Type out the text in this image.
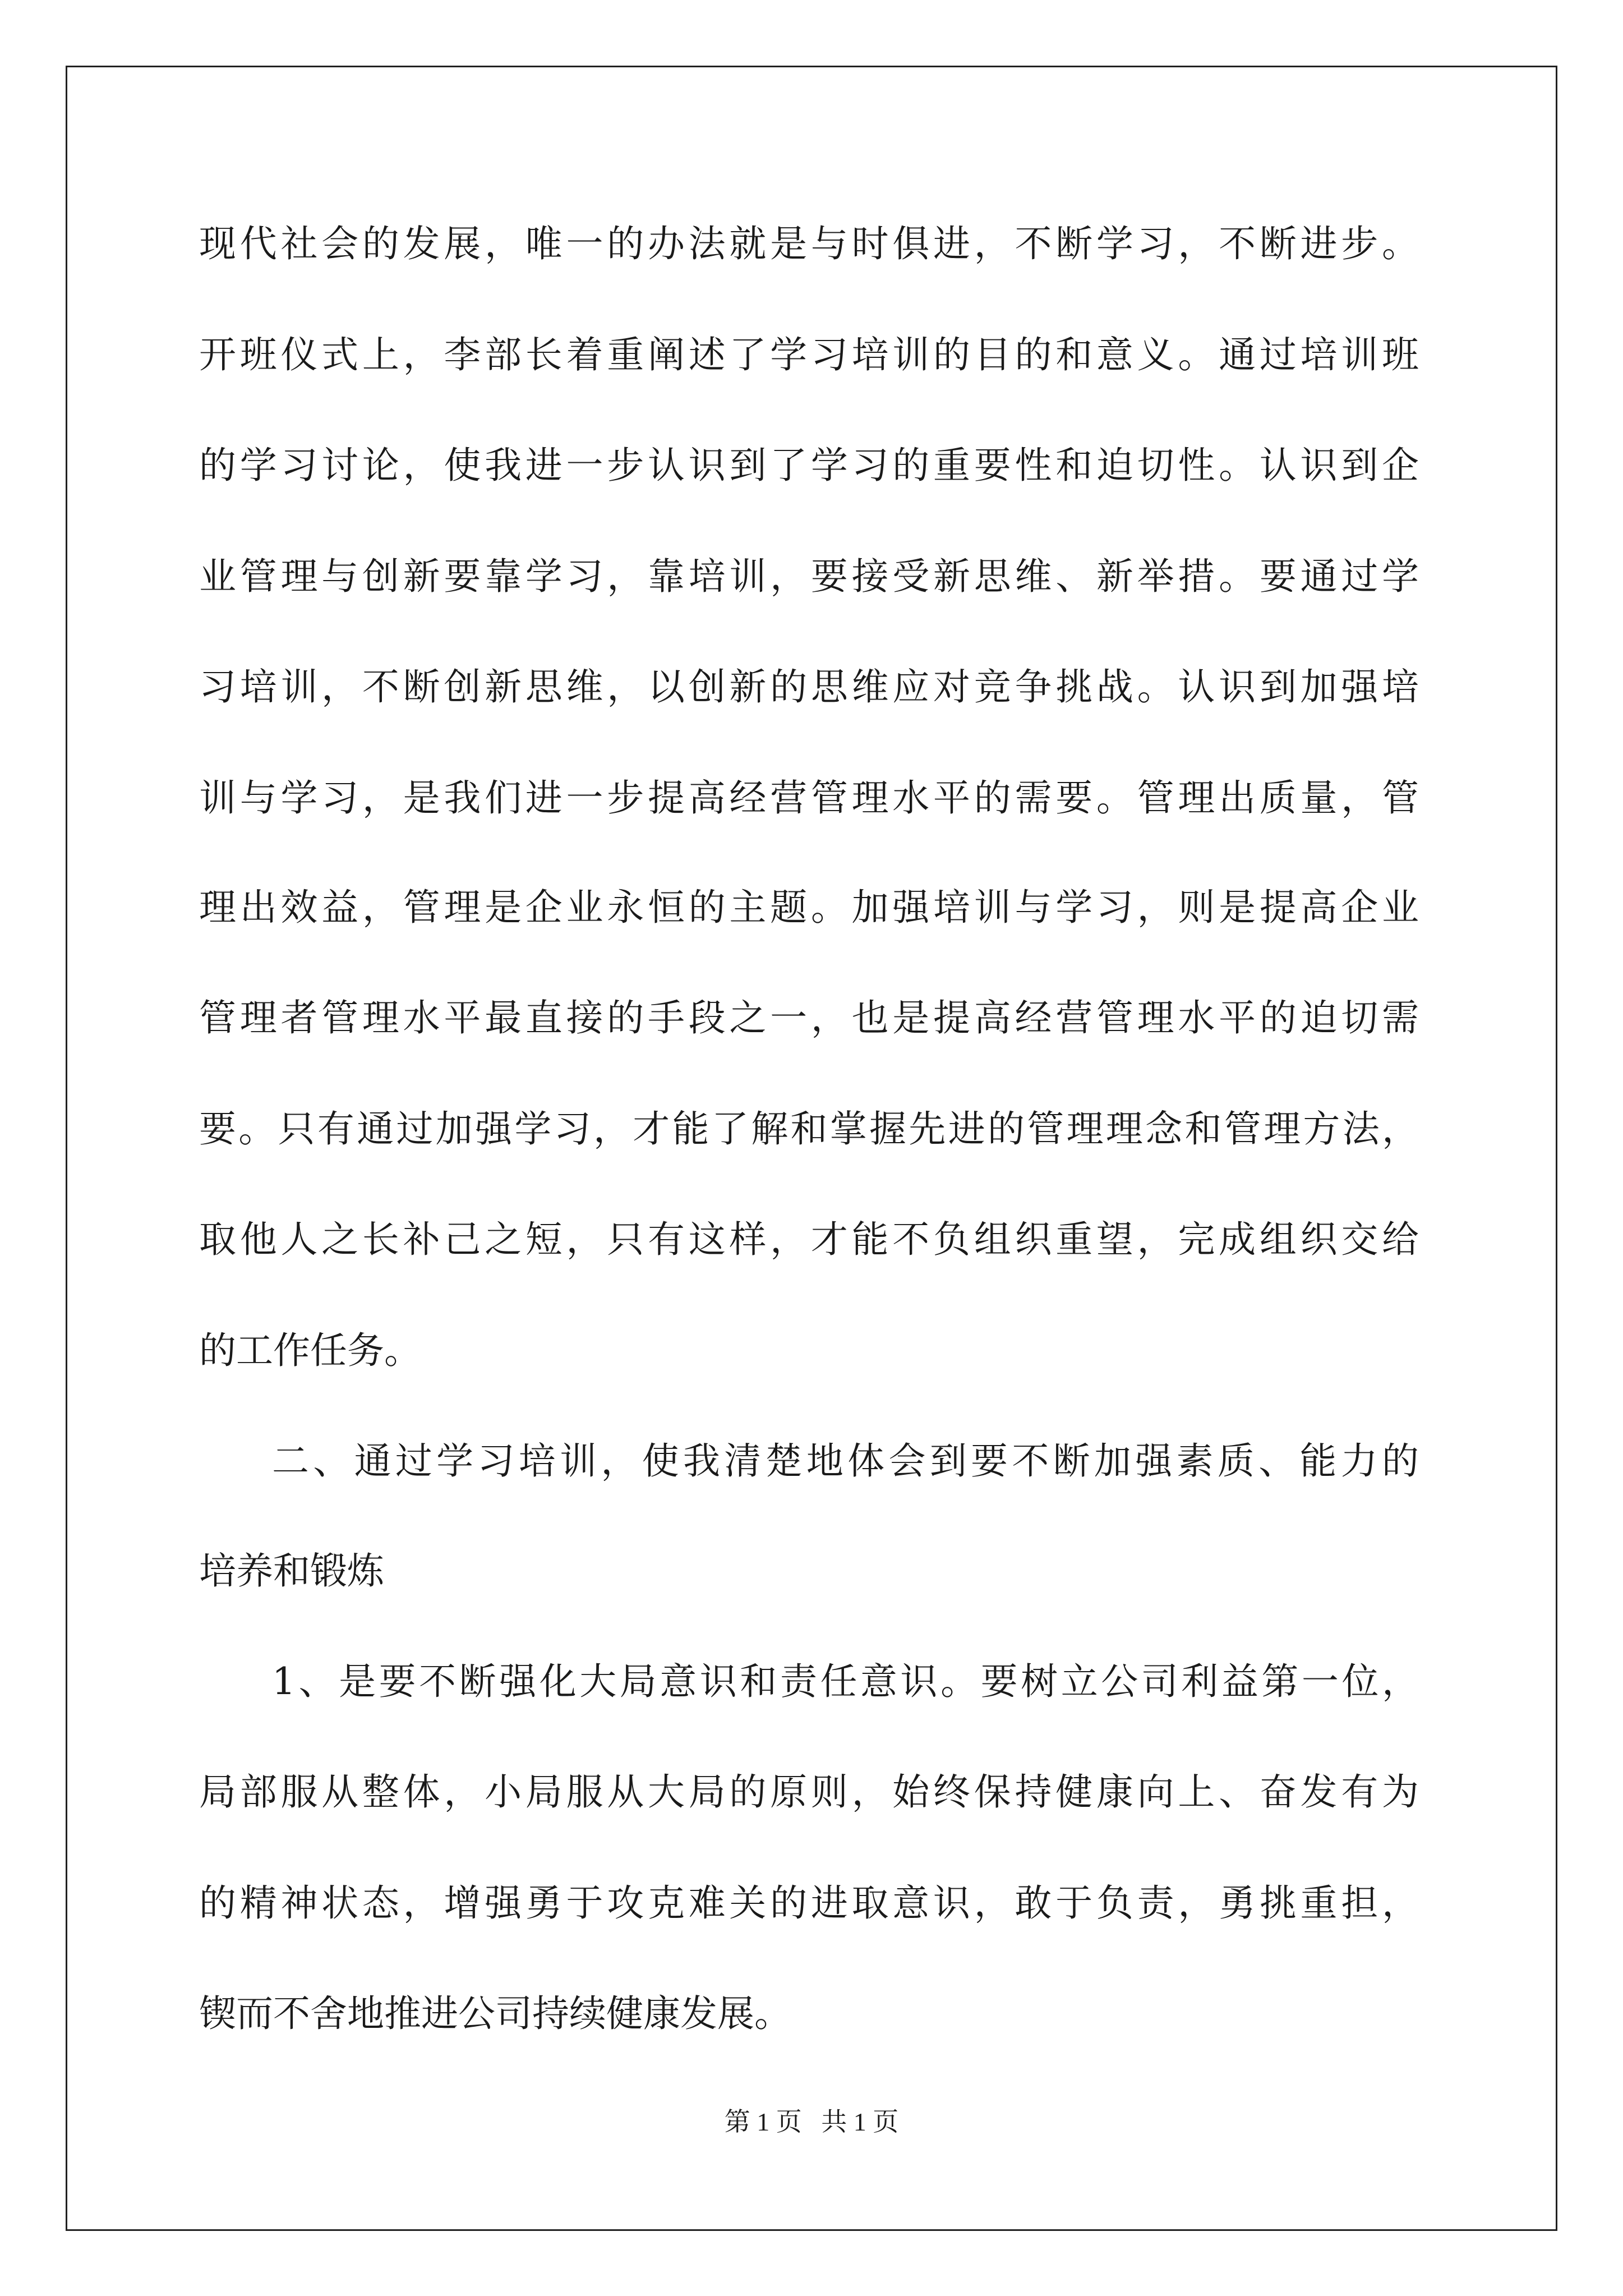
现代社会的发展，唯一的办法就是与时俱进，不断学习，不断进步。
开班仪式上，李部长着重阐述了学习培训的目的和意义。通过培训班
的学习讨论，使我进一步认识到了学习的重要性和迫切性。认识到企
业管理与创新要靠学习，靠培训，要接受新思维、新举措。要通过学
习培训，不断创新思维，以创新的思维应对竞争挑战。认识到加强培
训与学习，是我们进一步提高经营管理水平的需要。管理出质量，管
理出效益，管理是企业永恒的主题。加强培训与学习，则是提高企业
管理者管理水平最直接的手段之一，也是提高经营管理水平的迫切需
要。只有通过加强学习，才能了解和掌握先进的管理理念和管理方法，
取他人之长补己之短，只有这样，才能不负组织重望，完成组织交给
的工作任务。
二、通过学习培训，使我清楚地体会到要不断加强素质、能力的
培养和锻炼
1、是要不断强化大局意识和责任意识。要树立公司利益第一位，
局部服从整体，小局服从大局的原则，始终保持健康向上、奋发有为
的精神状态，增强勇于攻克难关的进取意识，敢于负责，勇挑重担，
锲而不舍地推进公司持续健康发展。
第 1 页   共 1 页
